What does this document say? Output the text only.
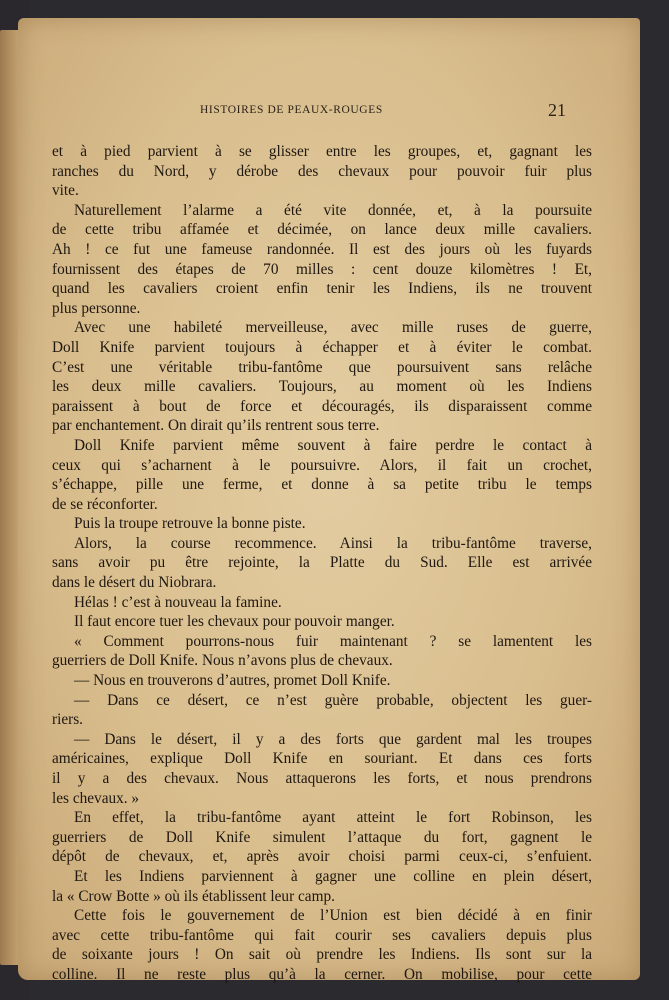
HISTOIRES DE PEAUX-ROUGES	21
et à pied parvient à se glisser entre les groupes, et, gagnant les
ranches du Nord, y dérobe des chevaux pour pouvoir fuir plus
vite.
Naturellement l’alarme a été vite donnée, et, à la poursuite
de cette tribu affamée et décimée, on lance deux mille cavaliers.
Ah ! ce fut une fameuse randonnée. Il est des jours où les fuyards
fournissent des étapes de 70 milles : cent douze kilomètres ! Et,
quand les cavaliers croient enfin tenir les Indiens, ils ne trouvent
plus personne.
Avec une habileté merveilleuse, avec mille ruses de guerre,
Doll Knife parvient toujours à échapper et à éviter le combat.
C’est une véritable tribu-fantôme que poursuivent sans relâche
les deux mille cavaliers. Toujours, au moment où les Indiens
paraissent à bout de force et découragés, ils disparaissent comme
par enchantement. On dirait qu’ils rentrent sous terre.
Doll Knife parvient même souvent à faire perdre le contact à
ceux qui s’acharnent à le poursuivre. Alors, il fait un crochet,
s’échappe, pille une ferme, et donne à sa petite tribu le temps
de se réconforter.
Puis la troupe retrouve la bonne piste.
Alors, la course recommence. Ainsi la tribu-fantôme traverse,
sans avoir pu être rejointe, la Platte du Sud. Elle est arrivée
dans le désert du Niobrara.
Hélas ! c’est à nouveau la famine.
Il faut encore tuer les chevaux pour pouvoir manger.
« Comment pourrons-nous fuir maintenant ? se lamentent les
guerriers de Doll Knife. Nous n’avons plus de chevaux.
— Nous en trouverons d’autres, promet Doll Knife.
— Dans ce désert, ce n’est guère probable, objectent les guer-
riers.
— Dans le désert, il y a des forts que gardent mal les troupes
américaines, explique Doll Knife en souriant. Et dans ces forts
il y a des chevaux. Nous attaquerons les forts, et nous prendrons
les chevaux. »
En effet, la tribu-fantôme ayant atteint le fort Robinson, les
guerriers de Doll Knife simulent l’attaque du fort, gagnent le
dépôt de chevaux, et, après avoir choisi parmi ceux-ci, s’enfuient.
Et les Indiens parviennent à gagner une colline en plein désert,
la « Crow Botte » où ils établissent leur camp.
Cette fois le gouvernement de l’Union est bien décidé à en finir
avec cette tribu-fantôme qui fait courir ses cavaliers depuis plus
de soixante jours ! On sait où prendre les Indiens. Ils sont sur la
colline. Il ne reste plus qu’à la cerner. On mobilise, pour cette
